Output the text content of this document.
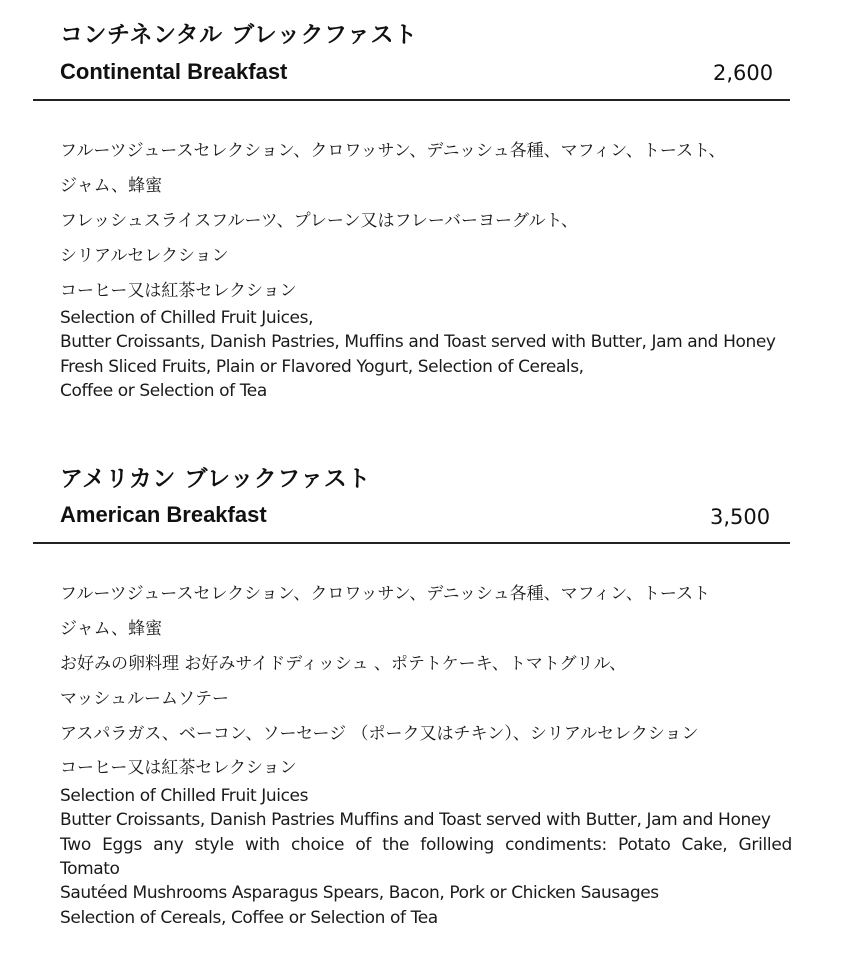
コンチネンタル ブレックファスト
Continental Breakfast	2,600
フルーツジュースセレクション、クロワッサン、デニッシュ各種、マフィン、トースト、
ジャム、蜂蜜
フレッシュスライスフルーツ、プレーン又はフレーバーヨーグルト、
シリアルセレクション
コーヒー又は紅茶セレクション
Selection of Chilled Fruit Juices,
Butter Croissants, Danish Pastries, Muffins and Toast served with Butter, Jam and Honey
Fresh Sliced Fruits, Plain or Flavored Yogurt, Selection of Cereals,
Coffee or Selection of Tea
アメリカン ブレックファスト
American Breakfast	3,500
フルーツジュースセレクション、クロワッサン、デニッシュ各種、マフィン、トースト
ジャム、蜂蜜
お好みの卵料理 お好みサイドディッシュ 、ポテトケーキ、トマトグリル、
マッシュルームソテー
アスパラガス、ベーコン、ソーセージ （ポーク又はチキン）、シリアルセレクション
コーヒー又は紅茶セレクション
Selection of Chilled Fruit Juices
Butter Croissants, Danish Pastries Muffins and Toast served with Butter, Jam and Honey
Two Eggs any style with choice of the following condiments: Potato Cake, Grilled
Tomato
Sautéed Mushrooms Asparagus Spears, Bacon, Pork or Chicken Sausages
Selection of Cereals, Coffee or Selection of Tea
